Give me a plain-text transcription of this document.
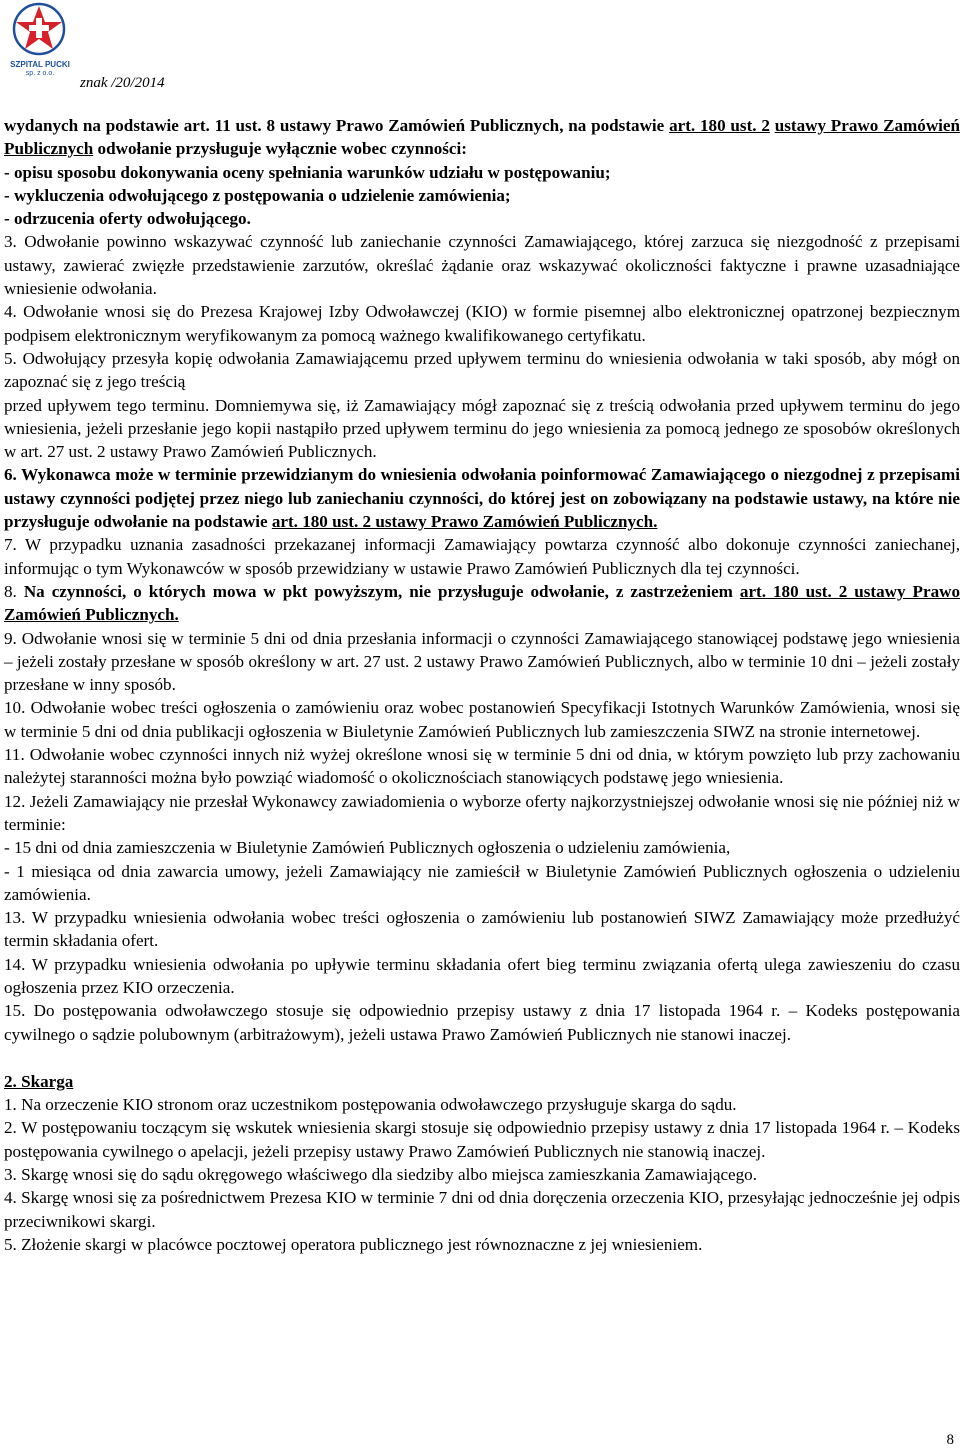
SZPITAL PUCKI
sp. z o.o.
znak /20/2014

wydanych na podstawie art. 11 ust. 8 ustawy Prawo Zamówień Publicznych, na podstawie art. 180 ust. 2 ustawy Prawo Zamówień Publicznych odwołanie przysługuje wyłącznie wobec czynności:

- opisu sposobu dokonywania oceny spełniania warunków udziału w postępowaniu;

- wykluczenia odwołującego z postępowania o udzielenie zamówienia;

- odrzucenia oferty odwołującego.

3. Odwołanie powinno wskazywać czynność lub zaniechanie czynności Zamawiającego, której zarzuca się niezgodność z przepisami ustawy, zawierać zwięzłe przedstawienie zarzutów, określać żądanie oraz wskazywać okoliczności faktyczne i prawne uzasadniające wniesienie odwołania.

4. Odwołanie wnosi się do Prezesa Krajowej Izby Odwoławczej (KIO) w formie pisemnej albo elektronicznej opatrzonej bezpiecznym podpisem elektronicznym weryfikowanym za pomocą ważnego kwalifikowanego certyfikatu.

5. Odwołujący przesyła kopię odwołania Zamawiającemu przed upływem terminu do wniesienia odwołania w taki sposób, aby mógł on zapoznać się z jego treścią

przed upływem tego terminu. Domniemywa się, iż Zamawiający mógł zapoznać się z treścią odwołania przed upływem terminu do jego wniesienia, jeżeli przesłanie jego kopii nastąpiło przed upływem terminu do jego wniesienia za pomocą jednego ze sposobów określonych w art. 27 ust. 2 ustawy Prawo Zamówień Publicznych.

6. Wykonawca może w terminie przewidzianym do wniesienia odwołania poinformować Zamawiającego o niezgodnej z przepisami ustawy czynności podjętej przez niego lub zaniechaniu czynności, do której jest on zobowiązany na podstawie ustawy, na które nie przysługuje odwołanie na podstawie art. 180 ust. 2 ustawy Prawo Zamówień Publicznych.

7. W przypadku uznania zasadności przekazanej informacji Zamawiający powtarza czynność albo dokonuje czynności zaniechanej, informując o tym Wykonawców w sposób przewidziany w ustawie Prawo Zamówień Publicznych dla tej czynności.

8. Na czynności, o których mowa w pkt powyższym, nie przysługuje odwołanie, z zastrzeżeniem art. 180 ust. 2 ustawy Prawo Zamówień Publicznych.

9. Odwołanie wnosi się w terminie 5 dni od dnia przesłania informacji o czynności Zamawiającego stanowiącej podstawę jego wniesienia – jeżeli zostały przesłane w sposób określony w art. 27 ust. 2 ustawy Prawo Zamówień Publicznych, albo w terminie 10 dni – jeżeli zostały przesłane w inny sposób.

10. Odwołanie wobec treści ogłoszenia o zamówieniu oraz wobec postanowień Specyfikacji Istotnych Warunków Zamówienia, wnosi się w terminie 5 dni od dnia publikacji ogłoszenia w Biuletynie Zamówień Publicznych lub zamieszczenia SIWZ na stronie internetowej.

11. Odwołanie wobec czynności innych niż wyżej określone wnosi się w terminie 5 dni od dnia, w którym powzięto lub przy zachowaniu należytej staranności można było powziąć wiadomość o okolicznościach stanowiących podstawę jego wniesienia.

12. Jeżeli Zamawiający nie przesłał Wykonawcy zawiadomienia o wyborze oferty najkorzystniejszej odwołanie wnosi się nie później niż w terminie:

- 15 dni od dnia zamieszczenia w Biuletynie Zamówień Publicznych ogłoszenia o udzieleniu zamówienia,

- 1 miesiąca od dnia zawarcia umowy, jeżeli Zamawiający nie zamieścił w Biuletynie Zamówień Publicznych ogłoszenia o udzieleniu zamówienia.

13. W przypadku wniesienia odwołania wobec treści ogłoszenia o zamówieniu lub postanowień SIWZ Zamawiający może przedłużyć termin składania ofert.

14. W przypadku wniesienia odwołania po upływie terminu składania ofert bieg terminu związania ofertą ulega zawieszeniu do czasu ogłoszenia przez KIO orzeczenia.

15. Do postępowania odwoławczego stosuje się odpowiednio przepisy ustawy z dnia 17 listopada 1964 r. – Kodeks postępowania cywilnego o sądzie polubownym (arbitrażowym), jeżeli ustawa Prawo Zamówień Publicznych nie stanowi inaczej.

2. Skarga

1. Na orzeczenie KIO stronom oraz uczestnikom postępowania odwoławczego przysługuje skarga do sądu.

2. W postępowaniu toczącym się wskutek wniesienia skargi stosuje się odpowiednio przepisy ustawy z dnia 17 listopada 1964 r. – Kodeks postępowania cywilnego o apelacji, jeżeli przepisy ustawy Prawo Zamówień Publicznych nie stanowią inaczej.

3. Skargę wnosi się do sądu okręgowego właściwego dla siedziby albo miejsca zamieszkania Zamawiającego.

4. Skargę wnosi się za pośrednictwem Prezesa KIO w terminie 7 dni od dnia doręczenia orzeczenia KIO, przesyłając jednocześnie jej odpis przeciwnikowi skargi.

5. Złożenie skargi w placówce pocztowej operatora publicznego jest równoznaczne z jej wniesieniem.

8
